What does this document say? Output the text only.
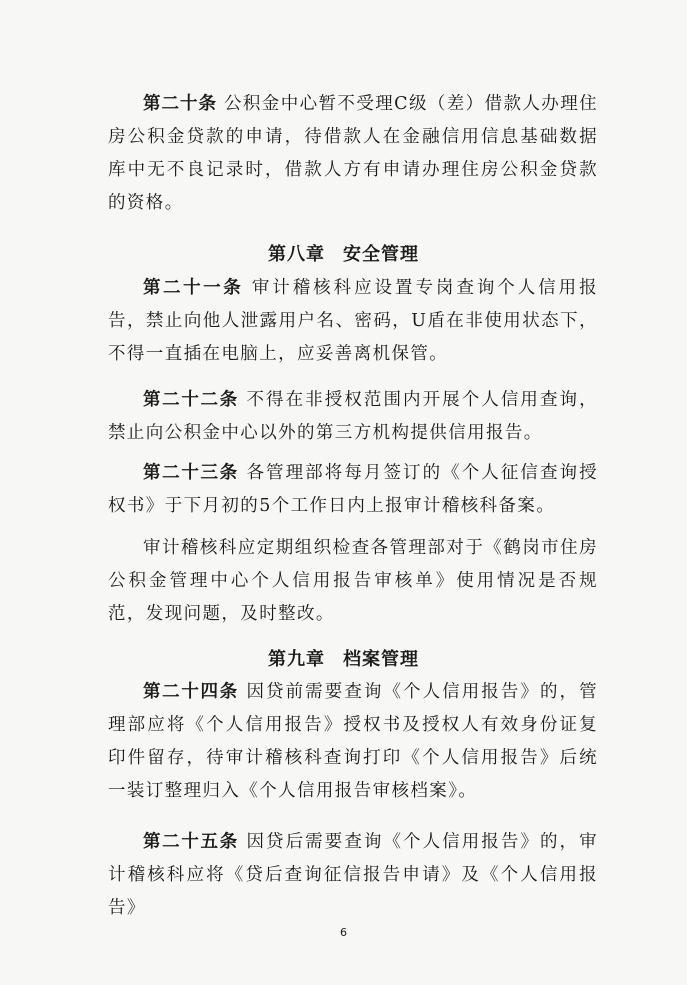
第二十条 公积金中心暂不受理C级（差）借款人办理住房公积金贷款的申请，待借款人在金融信用信息基础数据库中无不良记录时，借款人方有申请办理住房公积金贷款的资格。

第八章 安全管理

第二十一条 审计稽核科应设置专岗查询个人信用报告，禁止向他人泄露用户名、密码，U盾在非使用状态下，不得一直插在电脑上，应妥善离机保管。

第二十二条 不得在非授权范围内开展个人信用查询，禁止向公积金中心以外的第三方机构提供信用报告。

第二十三条 各管理部将每月签订的《个人征信查询授权书》于下月初的5个工作日内上报审计稽核科备案。

审计稽核科应定期组织检查各管理部对于《鹤岗市住房公积金管理中心个人信用报告审核单》使用情况是否规范，发现问题，及时整改。

第九章 档案管理

第二十四条 因贷前需要查询《个人信用报告》的，管理部应将《个人信用报告》授权书及授权人有效身份证复印件留存，待审计稽核科查询打印《个人信用报告》后统一装订整理归入《个人信用报告审核档案》。

第二十五条 因贷后需要查询《个人信用报告》的，审计稽核科应将《贷后查询征信报告申请》及《个人信用报告》

6
